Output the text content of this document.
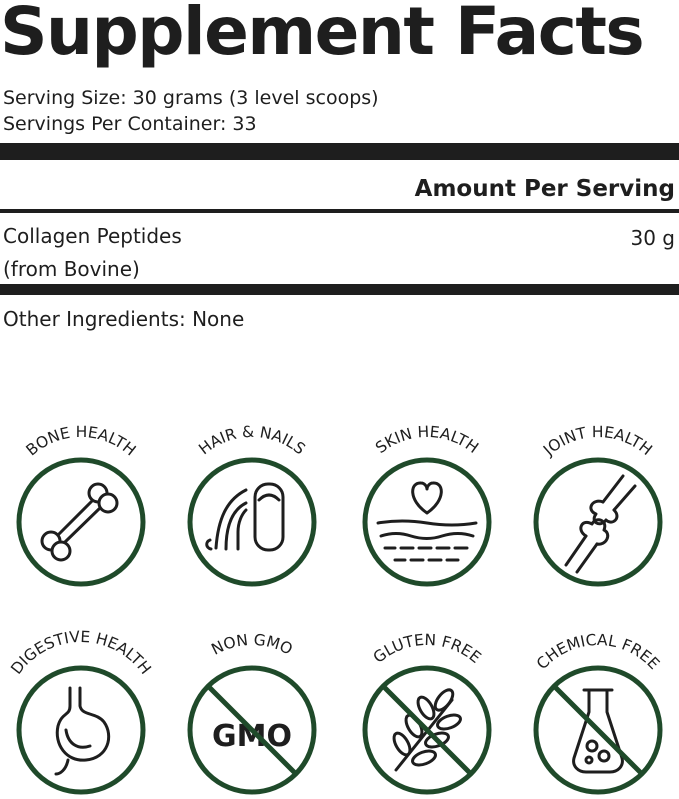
Supplement Facts
Serving Size: 30 grams (3 level scoops)
Servings Per Container: 33
Amount Per Serving
Collagen Peptides
(from Bovine)
30 g
Other Ingredients: None
BONE HEALTH	HAIR & NAILS	SKIN HEALTH	JOINT HEALTH
DIGESTIVE HEALTH
NON GMO
GMO
GLUTEN FREE	CHEMICAL FREE
